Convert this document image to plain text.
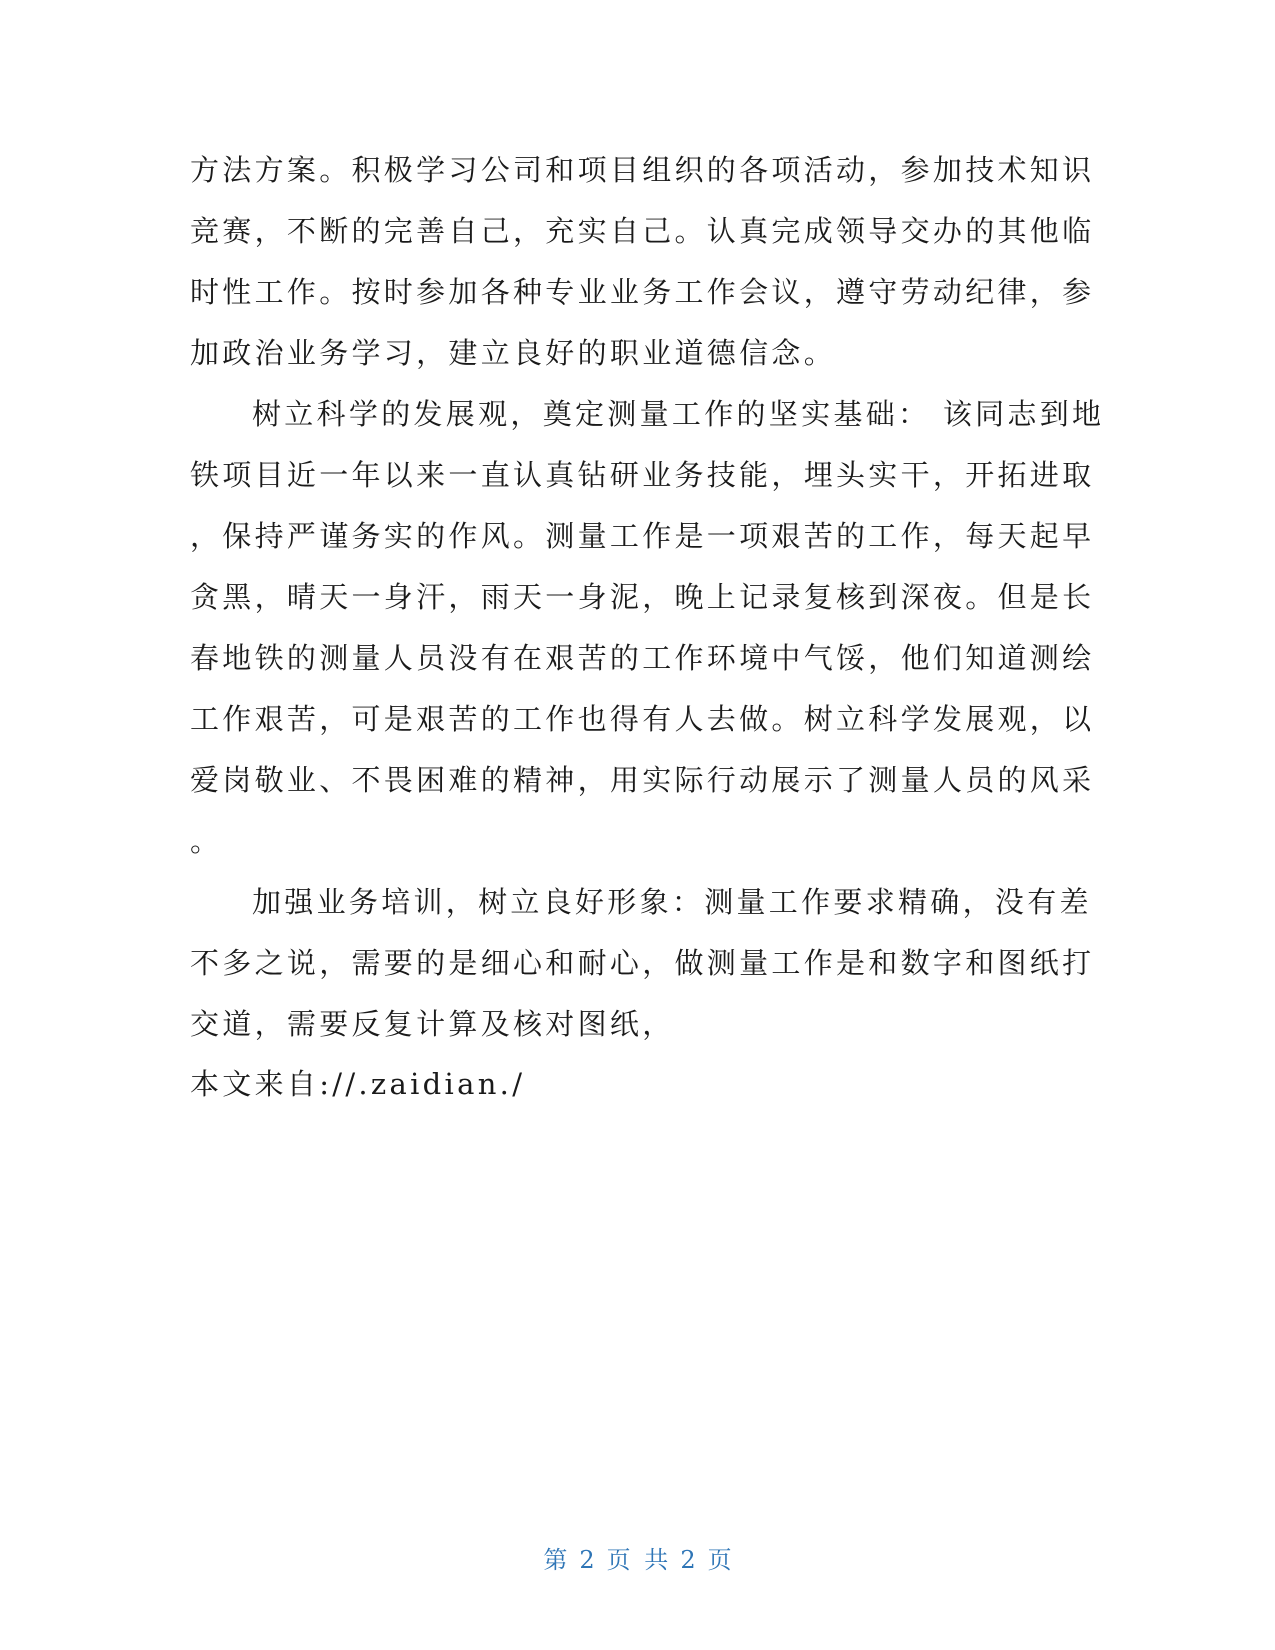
方法方案。积极学习公司和项目组织的各项活动，参加技术知识
竞赛，不断的完善自己，充实自己。认真完成领导交办的其他临
时性工作。按时参加各种专业业务工作会议，遵守劳动纪律，参
加政治业务学习，建立良好的职业道德信念。
树立科学的发展观，奠定测量工作的坚实基础： 该同志到地
铁项目近一年以来一直认真钻研业务技能，埋头实干，开拓进取
，保持严谨务实的作风。测量工作是一项艰苦的工作，每天起早
贪黑，晴天一身汗，雨天一身泥，晚上记录复核到深夜。但是长
春地铁的测量人员没有在艰苦的工作环境中气馁，他们知道测绘
工作艰苦，可是艰苦的工作也得有人去做。树立科学发展观，以
爱岗敬业、不畏困难的精神，用实际行动展示了测量人员的风采
。
加强业务培训，树立良好形象：测量工作要求精确，没有差
不多之说，需要的是细心和耐心，做测量工作是和数字和图纸打
交道，需要反复计算及核对图纸，
本文来自://.zaidian./
第 2 页 共 2 页
